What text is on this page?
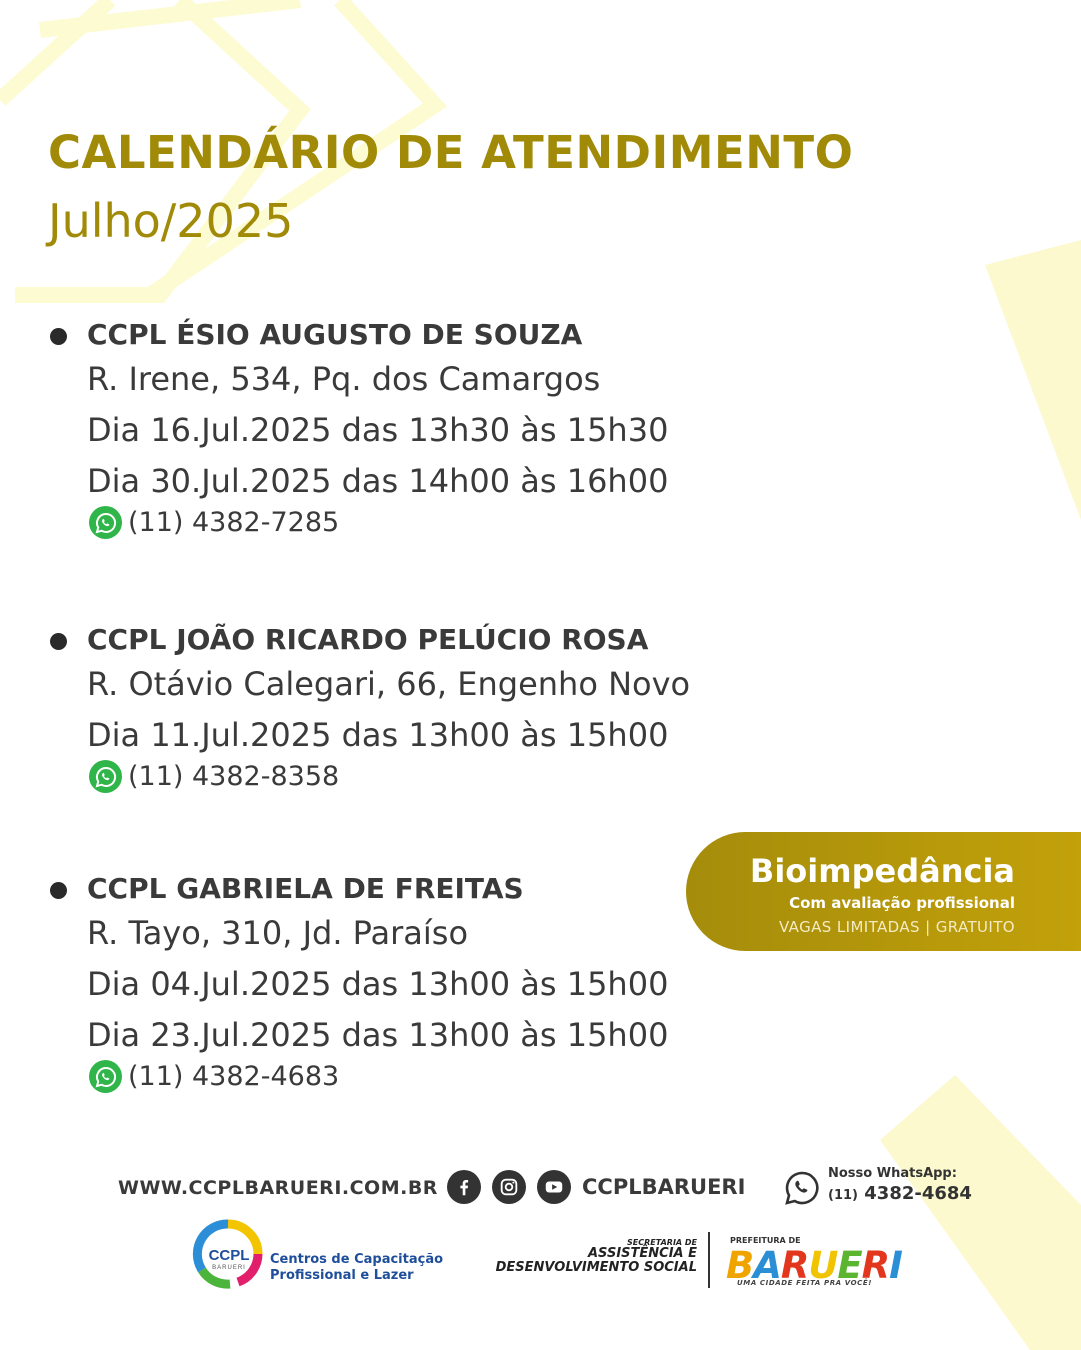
CALENDÁRIO DE ATENDIMENTO
Julho/2025
CCPL ÉSIO AUGUSTO DE SOUZA
R. Irene, 534, Pq. dos Camargos
Dia 16.Jul.2025 das 13h30 às 15h30
Dia 30.Jul.2025 das 14h00 às 16h00
(11) 4382-7285
CCPL JOÃO RICARDO PELÚCIO ROSA
R. Otávio Calegari, 66, Engenho Novo
Dia 11.Jul.2025 das 13h00 às 15h00
(11) 4382-8358
CCPL GABRIELA DE FREITAS
R. Tayo, 310, Jd. Paraíso
Dia 04.Jul.2025 das 13h00 às 15h00
Dia 23.Jul.2025 das 13h00 às 15h00
(11) 4382-4683
Bioimpedância
Com avaliação profissional
VAGAS LIMITADAS | GRATUITO
WWW.CCPLBARUERI.COM.BR	CCPLBARUERI
Nosso WhatsApp:
(11) 4382-4684
CCPL
BARUERI
Centros de Capacitação
Profissional e Lazer
SECRETARIA DE
ASSISTÊNCIA E
DESENVOLVIMENTO SOCIAL
PREFEITURA DE
BARUERI
UMA CIDADE FEITA PRA VOCÊ!
